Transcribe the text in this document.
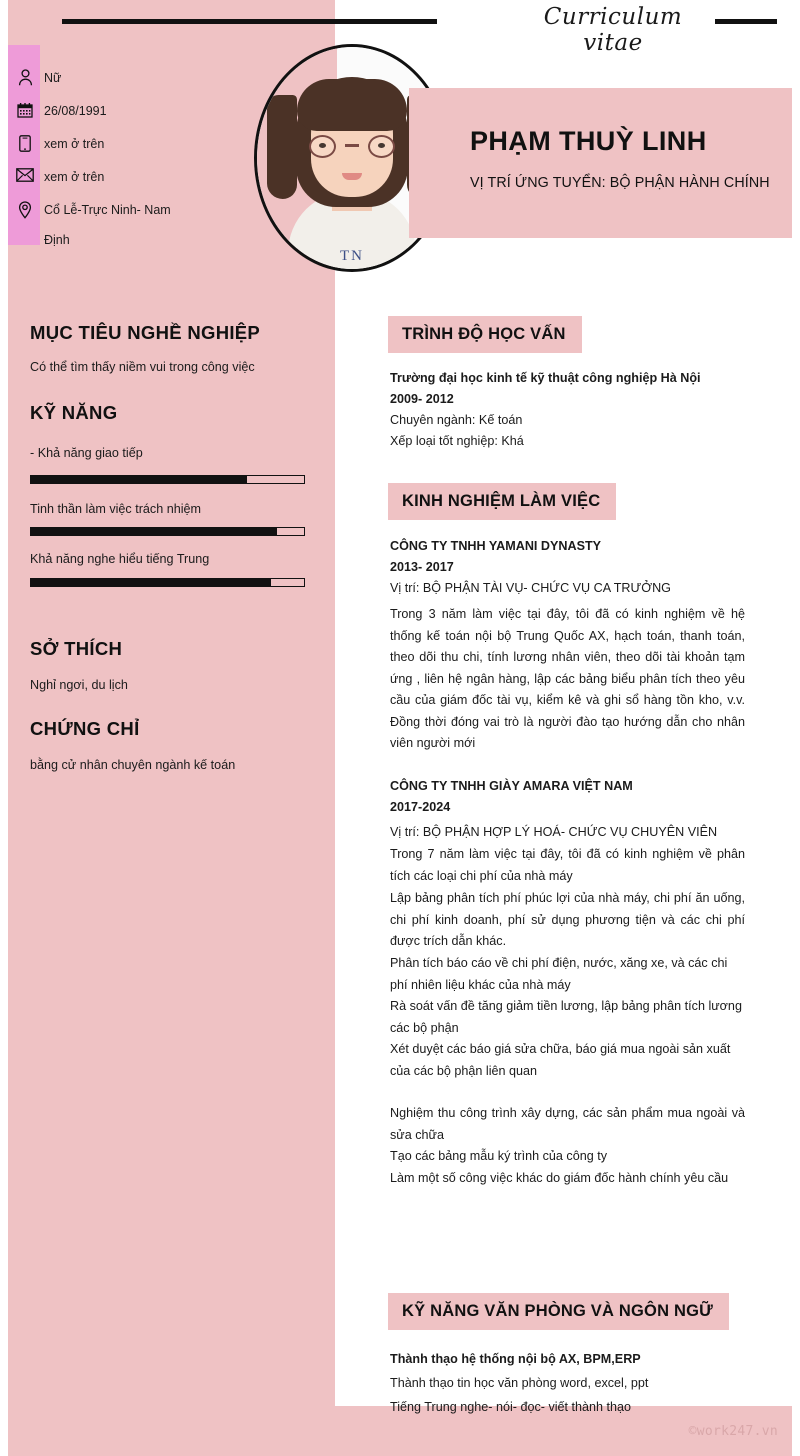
Curriculum vitae
Nữ
26/08/1991
xem ở trên
xem ở trên
Cổ Lễ-Trực Ninh- Nam
Định
TN
PHẠM THUỲ LINH
VỊ TRÍ ỨNG TUYỂN: BỘ PHẬN HÀNH CHÍNH
MỤC TIÊU NGHỀ NGHIỆP
Có thể tìm thấy niềm vui trong công việc
KỸ NĂNG
- Khả năng giao tiếp
Tinh thần làm việc trách nhiệm
Khả năng nghe hiểu tiếng Trung
SỞ THÍCH
Nghỉ ngơi, du lịch
CHỨNG CHỈ
bằng cử nhân chuyên ngành kế toán
TRÌNH ĐỘ HỌC VẤN
Trường đại học kinh tế kỹ thuật công nghiệp Hà Nội
2009- 2012
Chuyên ngành: Kế toán
Xếp loại tốt nghiệp: Khá
KINH NGHIỆM LÀM VIỆC
CÔNG TY TNHH YAMANI DYNASTY
2013- 2017
Vị trí: BỘ PHẬN TÀI VỤ- CHỨC VỤ CA TRƯỞNG
Trong 3 năm làm việc tại đây, tôi đã có kinh nghiệm về hệ thống kế toán nội bộ Trung Quốc AX, hạch toán, thanh toán, theo dõi thu chi, tính lương nhân viên, theo dõi tài khoản tạm ứng , liên hệ ngân hàng, lập các bảng biểu phân tích theo yêu cầu của giám đốc tài vụ, kiểm kê và ghi sổ hàng tồn kho, v.v. Đồng thời đóng vai trò là người đào tạo hướng dẫn cho nhân viên người mới
CÔNG TY TNHH GIÀY AMARA VIỆT NAM
2017-2024
Vị trí: BỘ PHẬN HỢP LÝ HOÁ- CHỨC VỤ CHUYÊN VIÊN
Trong 7 năm làm việc tại đây, tôi đã có kinh nghiệm về phân tích các loại chi phí của nhà máy
Lập bảng phân tích phí phúc lợi của nhà máy, chi phí ăn uống, chi phí kinh doanh, phí sử dụng phương tiện và các chi phí được trích dẫn khác.
Phân tích báo cáo về chi phí điện, nước, xăng xe, và các chi phí nhiên liệu khác của nhà máy
Rà soát vấn đề tăng giảm tiền lương, lập bảng phân tích lương các bộ phận
Xét duyệt các báo giá sửa chữa, báo giá mua ngoài sản xuất của các bộ phận liên quan
Nghiệm thu công trình xây dựng, các sản phẩm mua ngoài và sửa chữa
Tạo các bảng mẫu ký trình của công ty
Làm một số công việc khác do giám đốc hành chính yêu cầu
KỸ NĂNG VĂN PHÒNG VÀ NGÔN NGỮ
Thành thạo hệ thống nội bộ AX, BPM,ERP
Thành thạo tin học văn phòng word, excel, ppt
Tiếng Trung nghe- nói- đọc- viết thành thạo
©work247.vn
